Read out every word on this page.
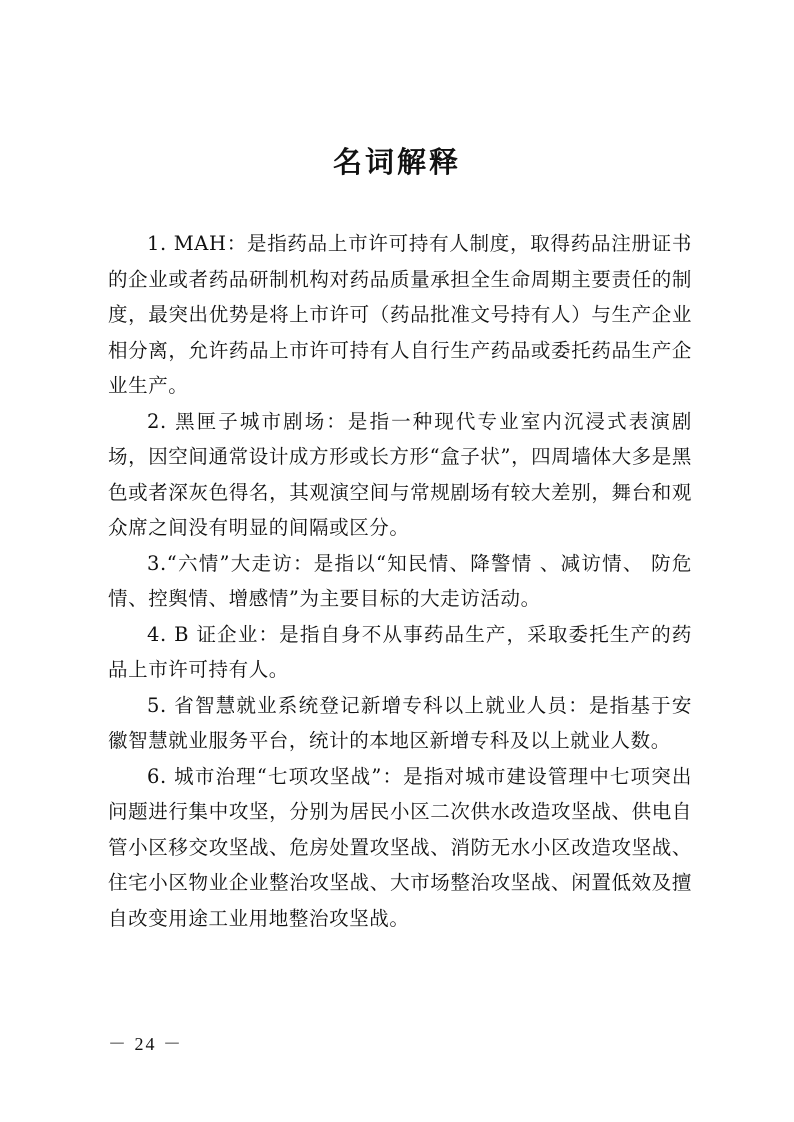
名词解释

1. MAH：是指药品上市许可持有人制度，取得药品注册证书的企业或者药品研制机构对药品质量承担全生命周期主要责任的制度，最突出优势是将上市许可（药品批准文号持有人）与生产企业相分离，允许药品上市许可持有人自行生产药品或委托药品生产企业生产。

2. 黑匣子城市剧场：是指一种现代专业室内沉浸式表演剧场，因空间通常设计成方形或长方形“盒子状”，四周墙体大多是黑色或者深灰色得名，其观演空间与常规剧场有较大差别，舞台和观众席之间没有明显的间隔或区分。

3.“六情”大走访：是指以“知民情、降警情 、减访情、 防危情、控舆情、增感情”为主要目标的大走访活动。

4. B 证企业：是指自身不从事药品生产，采取委托生产的药品上市许可持有人。

5. 省智慧就业系统登记新增专科以上就业人员：是指基于安徽智慧就业服务平台，统计的本地区新增专科及以上就业人数。

6. 城市治理“七项攻坚战”：是指对城市建设管理中七项突出问题进行集中攻坚，分别为居民小区二次供水改造攻坚战、供电自管小区移交攻坚战、危房处置攻坚战、消防无水小区改造攻坚战、住宅小区物业企业整治攻坚战、大市场整治攻坚战、闲置低效及擅自改变用途工业用地整治攻坚战。

－ 24 －
